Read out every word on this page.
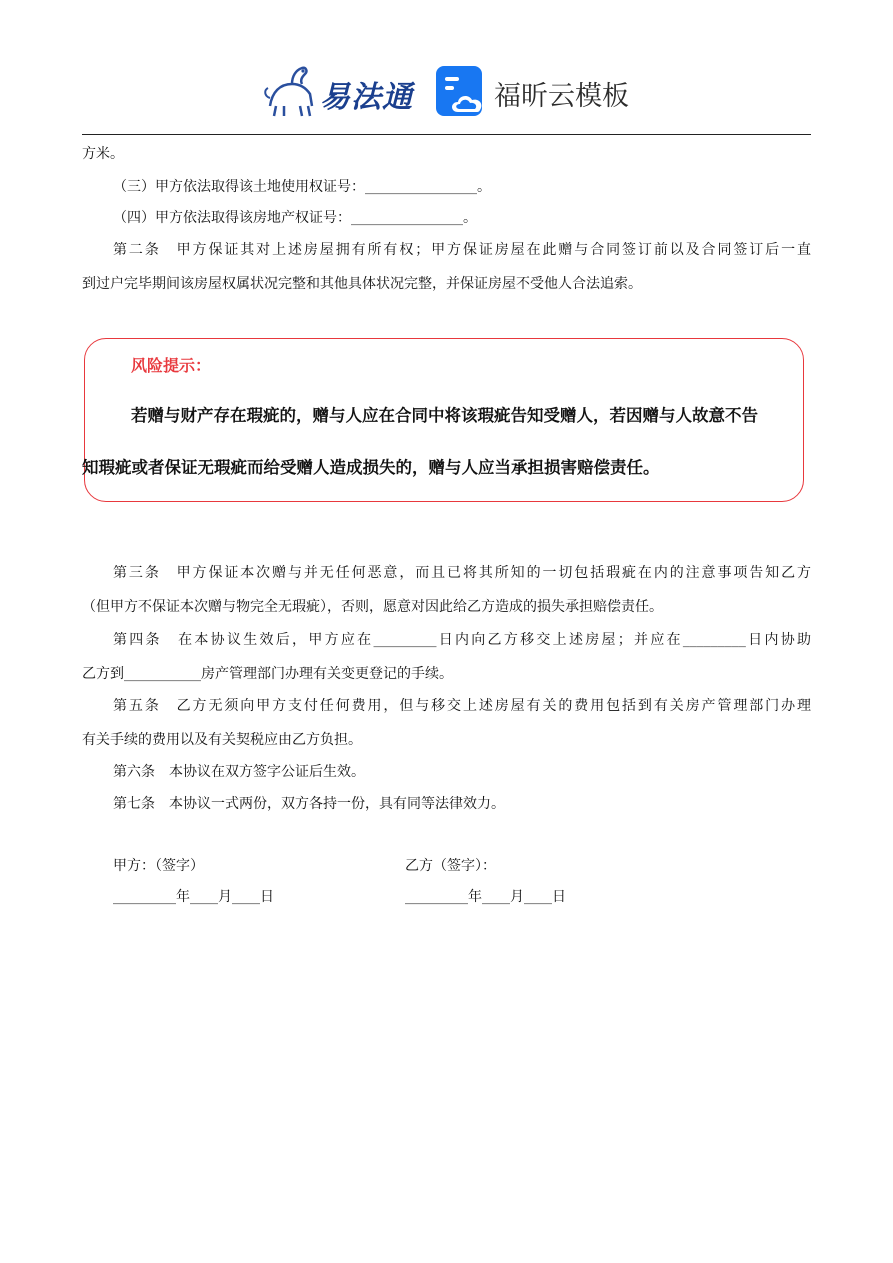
易法通	福昕云模板
方米。
（三）甲方依法取得该土地使用权证号：________________。
（四）甲方依法取得该房地产权证号：________________。
第二条　甲方保证其对上述房屋拥有所有权；甲方保证房屋在此赠与合同签订前以及合同签订后一直
到过户完毕期间该房屋权属状况完整和其他具体状况完整，并保证房屋不受他人合法追索。
风险提示：
若赠与财产存在瑕疵的，赠与人应在合同中将该瑕疵告知受赠人，若因赠与人故意不告
知瑕疵或者保证无瑕疵而给受赠人造成损失的，赠与人应当承担损害赔偿责任。
第三条　甲方保证本次赠与并无任何恶意，而且已将其所知的一切包括瑕疵在内的注意事项告知乙方
（但甲方不保证本次赠与物完全无瑕疵），否则，愿意对因此给乙方造成的损失承担赔偿责任。
第四条　在本协议生效后，甲方应在_________日内向乙方移交上述房屋；并应在_________日内协助
乙方到___________房产管理部门办理有关变更登记的手续。
第五条　乙方无须向甲方支付任何费用，但与移交上述房屋有关的费用包括到有关房产管理部门办理
有关手续的费用以及有关契税应由乙方负担。
第六条　本协议在双方签字公证后生效。
第七条　本协议一式两份，双方各持一份，具有同等法律效力。
甲方：（签字）	乙方（签字）：
_________年____月____日	_________年____月____日
